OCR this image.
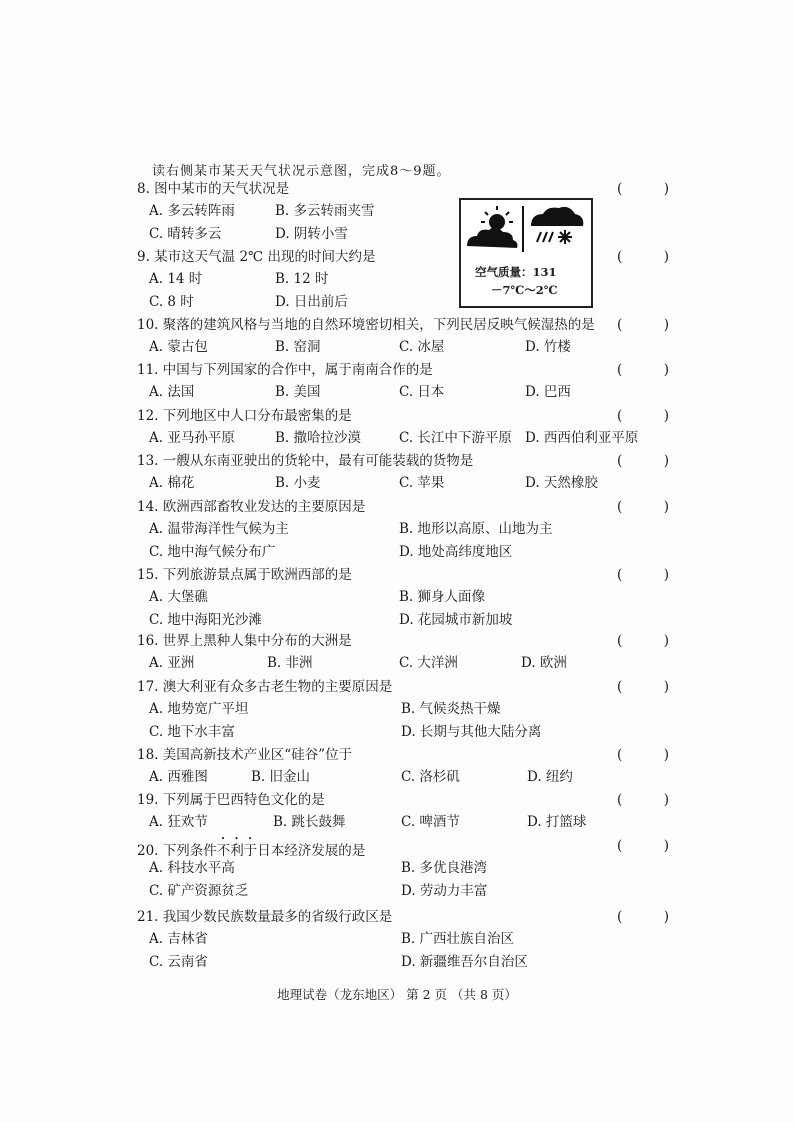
读右侧某市某天天气状况示意图，完成8～9题。
空气质量：131
－7℃～2℃
8. 图中某市的天气状况是	(	)
A. 多云转阵雨	B. 多云转雨夹雪
C. 晴转多云	D. 阴转小雪
9. 某市这天气温 2℃ 出现的时间大约是	(	)
A. 14 时	B. 12 时
C. 8 时	D. 日出前后
10. 聚落的建筑风格与当地的自然环境密切相关，下列民居反映气候湿热的是 (	)
A. 蒙古包	B. 窑洞	C. 冰屋	D. 竹楼
11. 中国与下列国家的合作中，属于南南合作的是	(	)
A. 法国	B. 美国	C. 日本	D. 巴西
12. 下列地区中人口分布最密集的是	(	)
A. 亚马孙平原	B. 撒哈拉沙漠	C. 长江中下游平原 D. 西西伯利亚平原
13. 一艘从东南亚驶出的货轮中，最有可能装载的货物是	(	)
A. 棉花	B. 小麦	C. 苹果	D. 天然橡胶
14. 欧洲西部畜牧业发达的主要原因是	(	)
A. 温带海洋性气候为主	B. 地形以高原、山地为主
C. 地中海气候分布广	D. 地处高纬度地区
15. 下列旅游景点属于欧洲西部的是	(	)
A. 大堡礁	B. 狮身人面像
C. 地中海阳光沙滩	D. 花园城市新加坡
16. 世界上黑种人集中分布的大洲是	(	)
A. 亚洲	B. 非洲	C. 大洋洲	D. 欧洲
17. 澳大利亚有众多古老生物的主要原因是	(	)
A. 地势宽广平坦	B. 气候炎热干燥
C. 地下水丰富	D. 长期与其他大陆分离
18. 美国高新技术产业区“硅谷”位于	(	)
A. 西雅图	B. 旧金山	C. 洛杉矶	D. 纽约
19. 下列属于巴西特色文化的是	(	)
A. 狂欢节	B. 跳长鼓舞	C. 啤酒节	D. 打篮球
20. 下列条件不利于日本经济发展的是	(	)
A. 科技水平高	B. 多优良港湾
C. 矿产资源贫乏	D. 劳动力丰富
21. 我国少数民族数量最多的省级行政区是	(	)
A. 吉林省	B. 广西壮族自治区
C. 云南省	D. 新疆维吾尔自治区
地理试卷（龙东地区） 第 2 页 （共 8 页）
